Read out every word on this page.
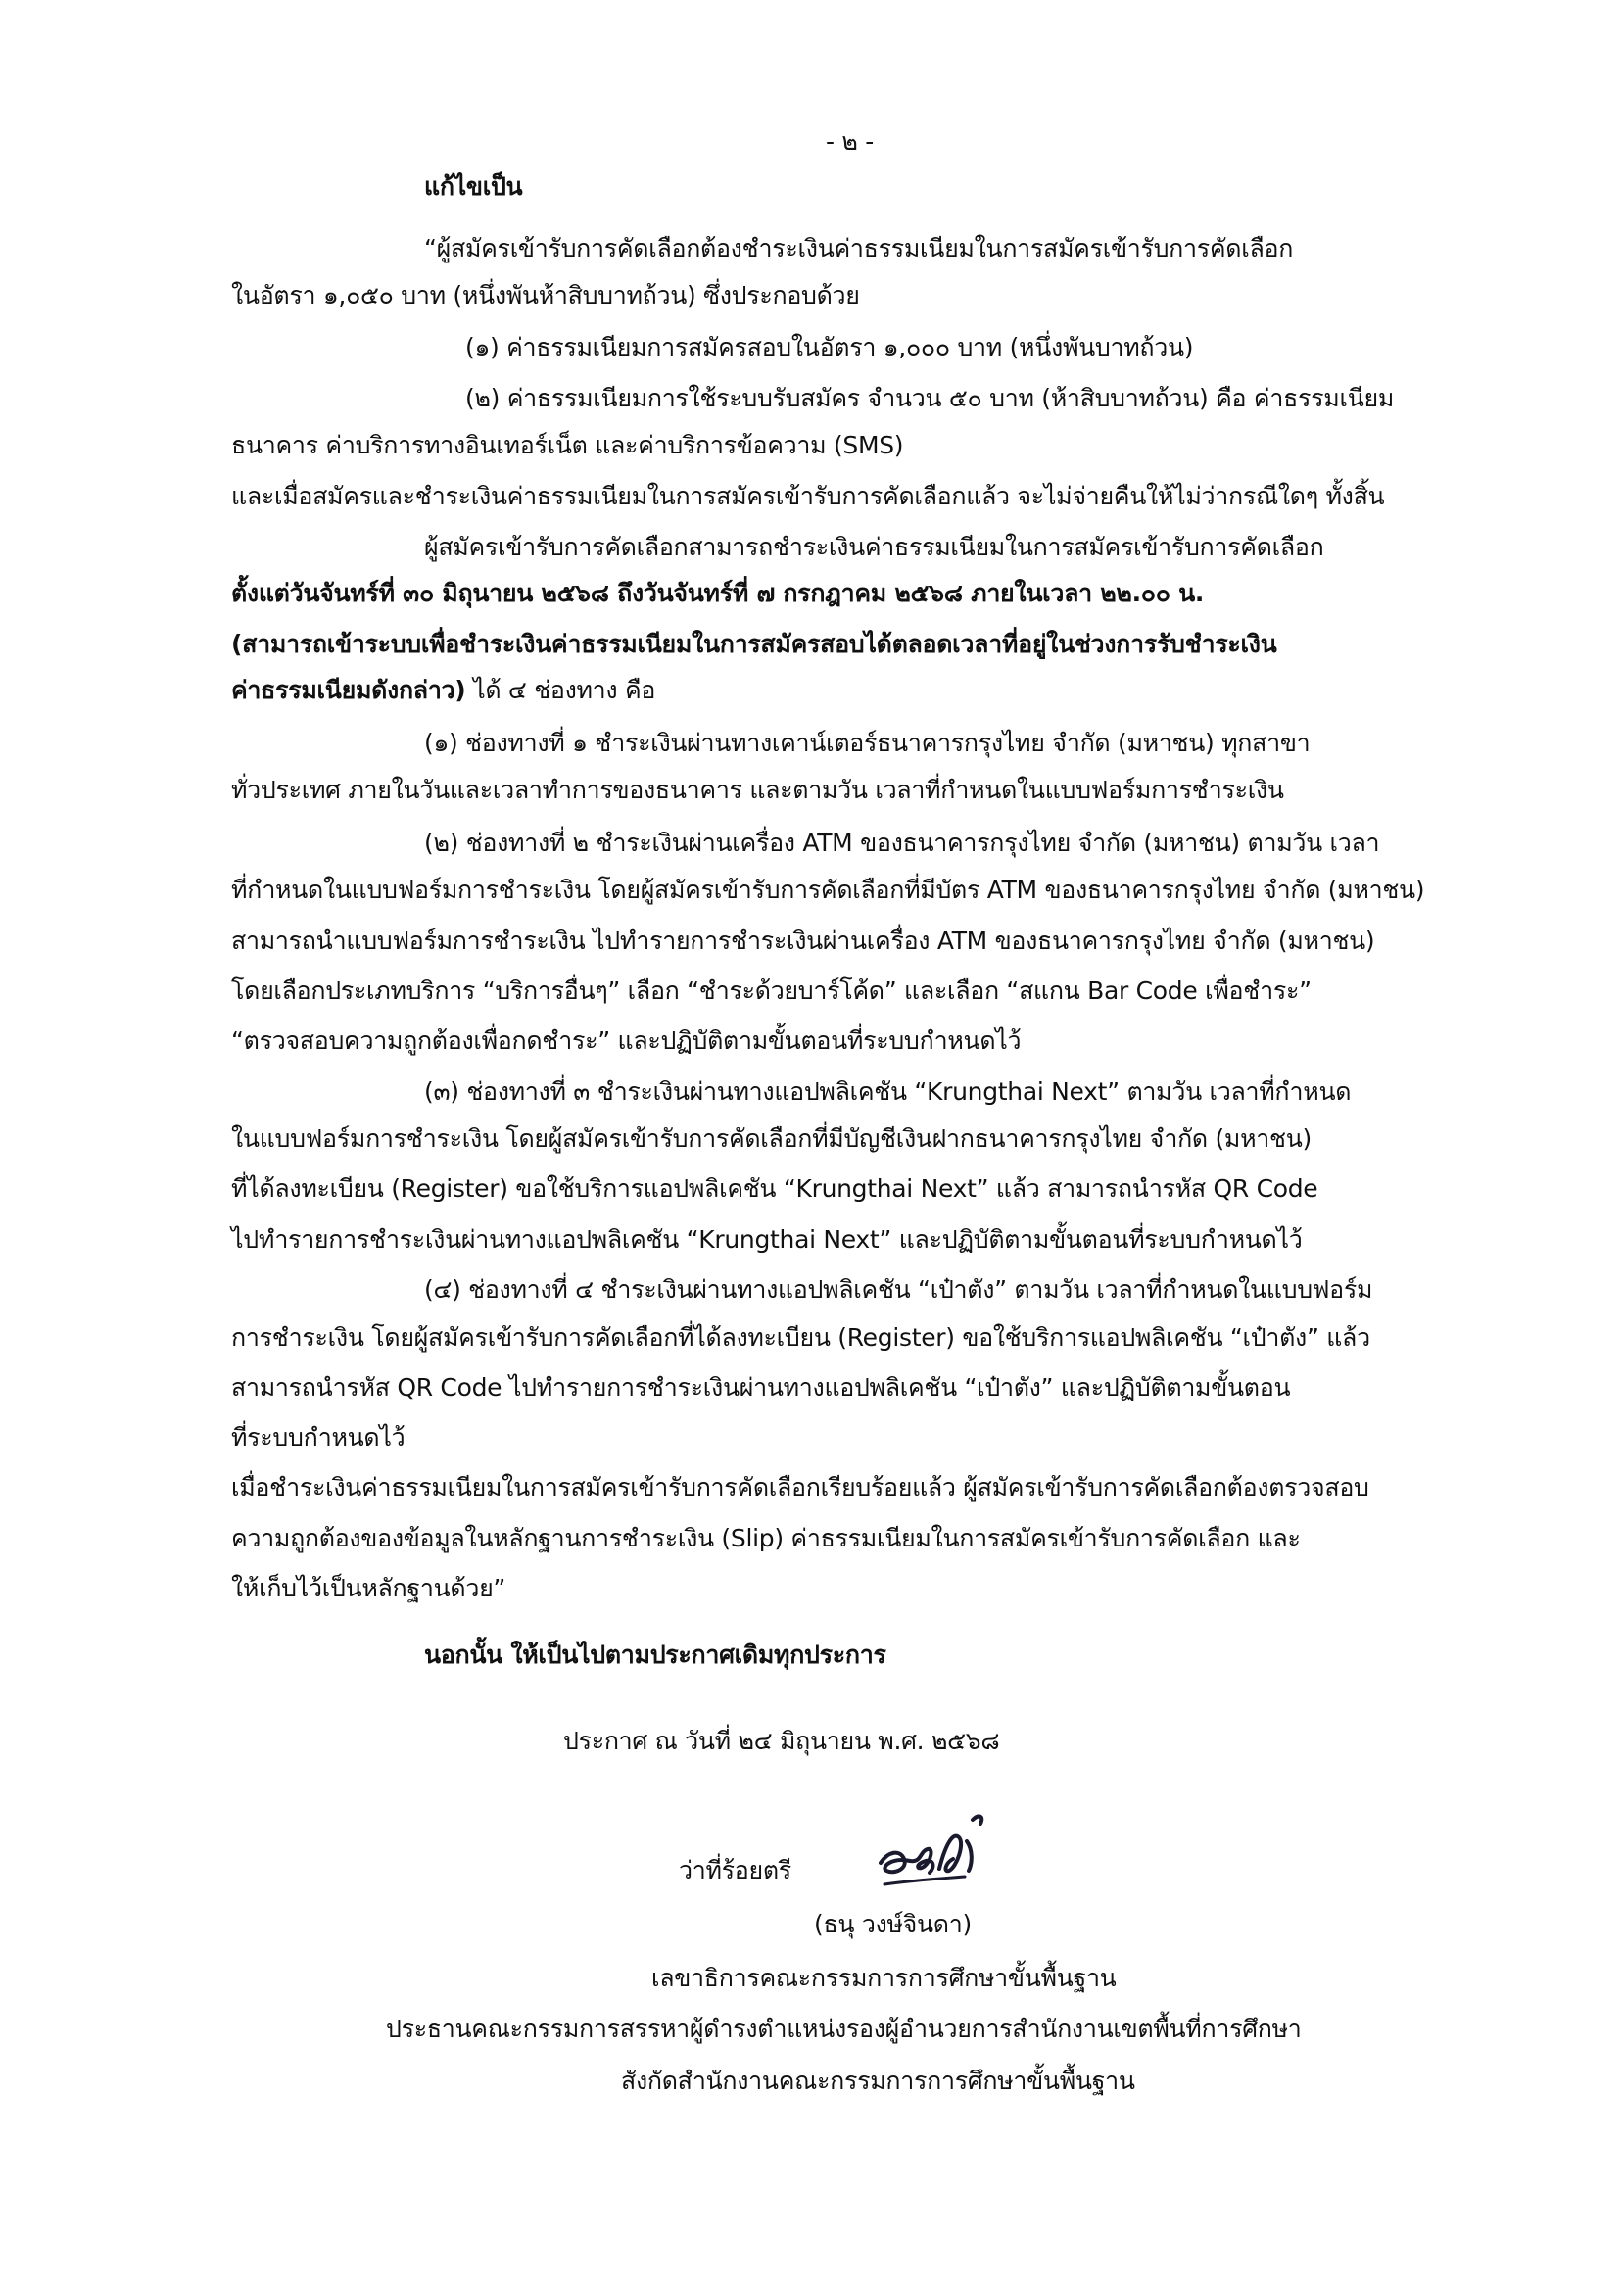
- ๒ -
แก้ไขเป็น
“ผู้สมัครเข้ารับการคัดเลือกต้องชำระเงินค่าธรรมเนียมในการสมัครเข้ารับการคัดเลือก
ในอัตรา ๑,๐๕๐ บาท (หนึ่งพันห้าสิบบาทถ้วน) ซึ่งประกอบด้วย
(๑) ค่าธรรมเนียมการสมัครสอบในอัตรา ๑,๐๐๐ บาท (หนึ่งพันบาทถ้วน)
(๒) ค่าธรรมเนียมการใช้ระบบรับสมัคร จำนวน ๕๐ บาท (ห้าสิบบาทถ้วน) คือ ค่าธรรมเนียม
ธนาคาร ค่าบริการทางอินเทอร์เน็ต และค่าบริการข้อความ (SMS)
และเมื่อสมัครและชำระเงินค่าธรรมเนียมในการสมัครเข้ารับการคัดเลือกแล้ว จะไม่จ่ายคืนให้ไม่ว่ากรณีใดๆ ทั้งสิ้น
ผู้สมัครเข้ารับการคัดเลือกสามารถชำระเงินค่าธรรมเนียมในการสมัครเข้ารับการคัดเลือก
ตั้งแต่วันจันทร์ที่ ๓๐ มิถุนายน ๒๕๖๘ ถึงวันจันทร์ที่ ๗ กรกฎาคม ๒๕๖๘ ภายในเวลา ๒๒.๐๐ น.
(สามารถเข้าระบบเพื่อชำระเงินค่าธรรมเนียมในการสมัครสอบได้ตลอดเวลาที่อยู่ในช่วงการรับชำระเงิน
ค่าธรรมเนียมดังกล่าว) ได้ ๔ ช่องทาง คือ
(๑) ช่องทางที่ ๑ ชำระเงินผ่านทางเคาน์เตอร์ธนาคารกรุงไทย จำกัด (มหาชน) ทุกสาขา
ทั่วประเทศ ภายในวันและเวลาทำการของธนาคาร และตามวัน เวลาที่กำหนดในแบบฟอร์มการชำระเงิน
(๒) ช่องทางที่ ๒ ชำระเงินผ่านเครื่อง ATM ของธนาคารกรุงไทย จำกัด (มหาชน) ตามวัน เวลา
ที่กำหนดในแบบฟอร์มการชำระเงิน โดยผู้สมัครเข้ารับการคัดเลือกที่มีบัตร ATM ของธนาคารกรุงไทย จำกัด (มหาชน)
สามารถนำแบบฟอร์มการชำระเงิน ไปทำรายการชำระเงินผ่านเครื่อง ATM ของธนาคารกรุงไทย จำกัด (มหาชน)
โดยเลือกประเภทบริการ “บริการอื่นๆ” เลือก “ชำระด้วยบาร์โค้ด” และเลือก “สแกน Bar Code เพื่อชำระ”
“ตรวจสอบความถูกต้องเพื่อกดชำระ” และปฏิบัติตามขั้นตอนที่ระบบกำหนดไว้
(๓) ช่องทางที่ ๓ ชำระเงินผ่านทางแอปพลิเคชัน “Krungthai Next” ตามวัน เวลาที่กำหนด
ในแบบฟอร์มการชำระเงิน โดยผู้สมัครเข้ารับการคัดเลือกที่มีบัญชีเงินฝากธนาคารกรุงไทย จำกัด (มหาชน)
ที่ได้ลงทะเบียน (Register) ขอใช้บริการแอปพลิเคชัน “Krungthai Next” แล้ว สามารถนำรหัส QR Code
ไปทำรายการชำระเงินผ่านทางแอปพลิเคชัน “Krungthai Next” และปฏิบัติตามขั้นตอนที่ระบบกำหนดไว้
(๔) ช่องทางที่ ๔ ชำระเงินผ่านทางแอปพลิเคชัน “เป๋าตัง” ตามวัน เวลาที่กำหนดในแบบฟอร์ม
การชำระเงิน โดยผู้สมัครเข้ารับการคัดเลือกที่ได้ลงทะเบียน (Register) ขอใช้บริการแอปพลิเคชัน “เป๋าตัง” แล้ว
สามารถนำรหัส QR Code ไปทำรายการชำระเงินผ่านทางแอปพลิเคชัน “เป๋าตัง” และปฏิบัติตามขั้นตอน
ที่ระบบกำหนดไว้
เมื่อชำระเงินค่าธรรมเนียมในการสมัครเข้ารับการคัดเลือกเรียบร้อยแล้ว ผู้สมัครเข้ารับการคัดเลือกต้องตรวจสอบ
ความถูกต้องของข้อมูลในหลักฐานการชำระเงิน (Slip) ค่าธรรมเนียมในการสมัครเข้ารับการคัดเลือก และ
ให้เก็บไว้เป็นหลักฐานด้วย”
นอกนั้น ให้เป็นไปตามประกาศเดิมทุกประการ
ประกาศ ณ วันที่ ๒๔ มิถุนายน พ.ศ. ๒๕๖๘
ว่าที่ร้อยตรี
(ธนุ วงษ์จินดา)
เลขาธิการคณะกรรมการการศึกษาขั้นพื้นฐาน
ประธานคณะกรรมการสรรหาผู้ดำรงตำแหน่งรองผู้อำนวยการสำนักงานเขตพื้นที่การศึกษา
สังกัดสำนักงานคณะกรรมการการศึกษาขั้นพื้นฐาน
